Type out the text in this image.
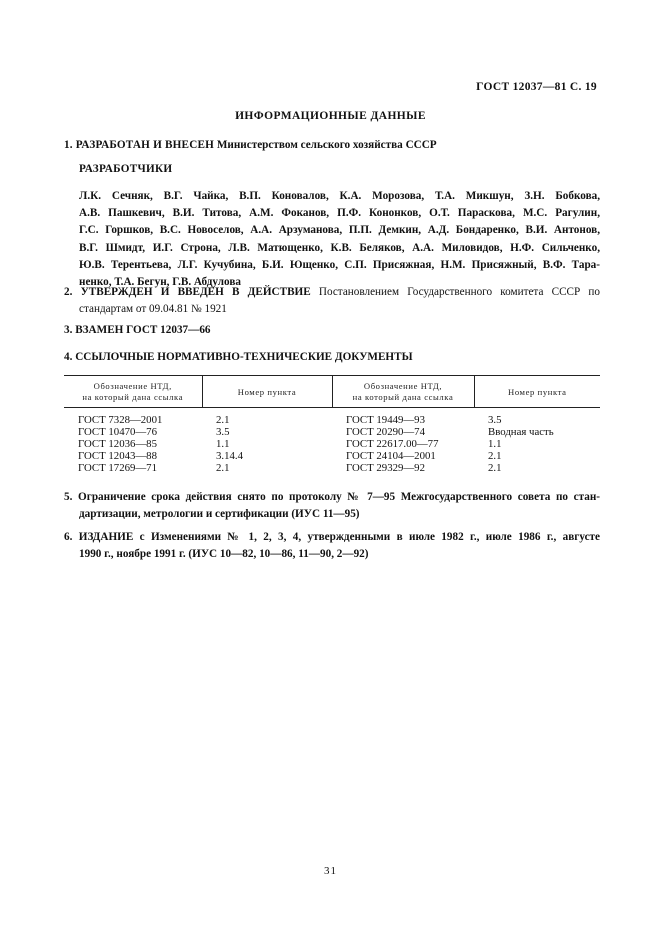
ГОСТ 12037—81 С. 19
ИНФОРМАЦИОННЫЕ ДАННЫЕ
1. РАЗРАБОТАН И ВНЕСЕН Министерством сельского хозяйства СССР
РАЗРАБОТЧИКИ
Л.К. Сечняк, В.Г. Чайка, В.П. Коновалов, К.А. Морозова, Т.А. Микшун, З.Н. Бобкова,
А.В. Пашкевич, В.И. Титова, А.М. Фоканов, П.Ф. Кононков, О.Т. Параскова, М.С. Рагулин,
Г.С. Горшков, В.С. Новоселов, А.А. Арзуманова, П.П. Демкин, А.Д. Бондаренко, В.И. Антонов,
В.Г. Шмидт, И.Г. Строна, Л.В. Матющенко, К.В. Беляков, А.А. Миловидов, Н.Ф. Сильченко,
Ю.В. Терентьева, Л.Г. Кучубина, Б.И. Ющенко, С.П. Присяжная, Н.М. Присяжный, В.Ф. Тара-
ненко, Т.А. Бегун, Г.В. Абдулова
2. УТВЕРЖДЕН И ВВЕДЕН В ДЕЙСТВИЕ Постановлением Государственного комитета СССР по
стандартам от 09.04.81 № 1921
3. ВЗАМЕН ГОСТ 12037—66
4. ССЫЛОЧНЫЕ НОРМАТИВНО-ТЕХНИЧЕСКИЕ ДОКУМЕНТЫ
Обозначение НТД,
на который дана ссылка	Номер пункта	Обозначение НТД,
на который дана ссылка	Номер пункта
ГОСТ 7328—2001	2.1	ГОСТ 19449—93	3.5
ГОСТ 10470—76	3.5	ГОСТ 20290—74	Вводная часть
ГОСТ 12036—85	1.1	ГОСТ 22617.00—77	1.1
ГОСТ 12043—88	3.14.4	ГОСТ 24104—2001	2.1
ГОСТ 17269—71	2.1	ГОСТ 29329—92	2.1
5. Ограничение срока действия снято по протоколу № 7—95 Межгосударственного совета по стан-
дартизации, метрологии и сертификации (ИУС 11—95)
6. ИЗДАНИЕ с Изменениями № 1, 2, 3, 4, утвержденными в июле 1982 г., июле 1986 г., августе
1990 г., ноябре 1991 г. (ИУС 10—82, 10—86, 11—90, 2—92)
31
